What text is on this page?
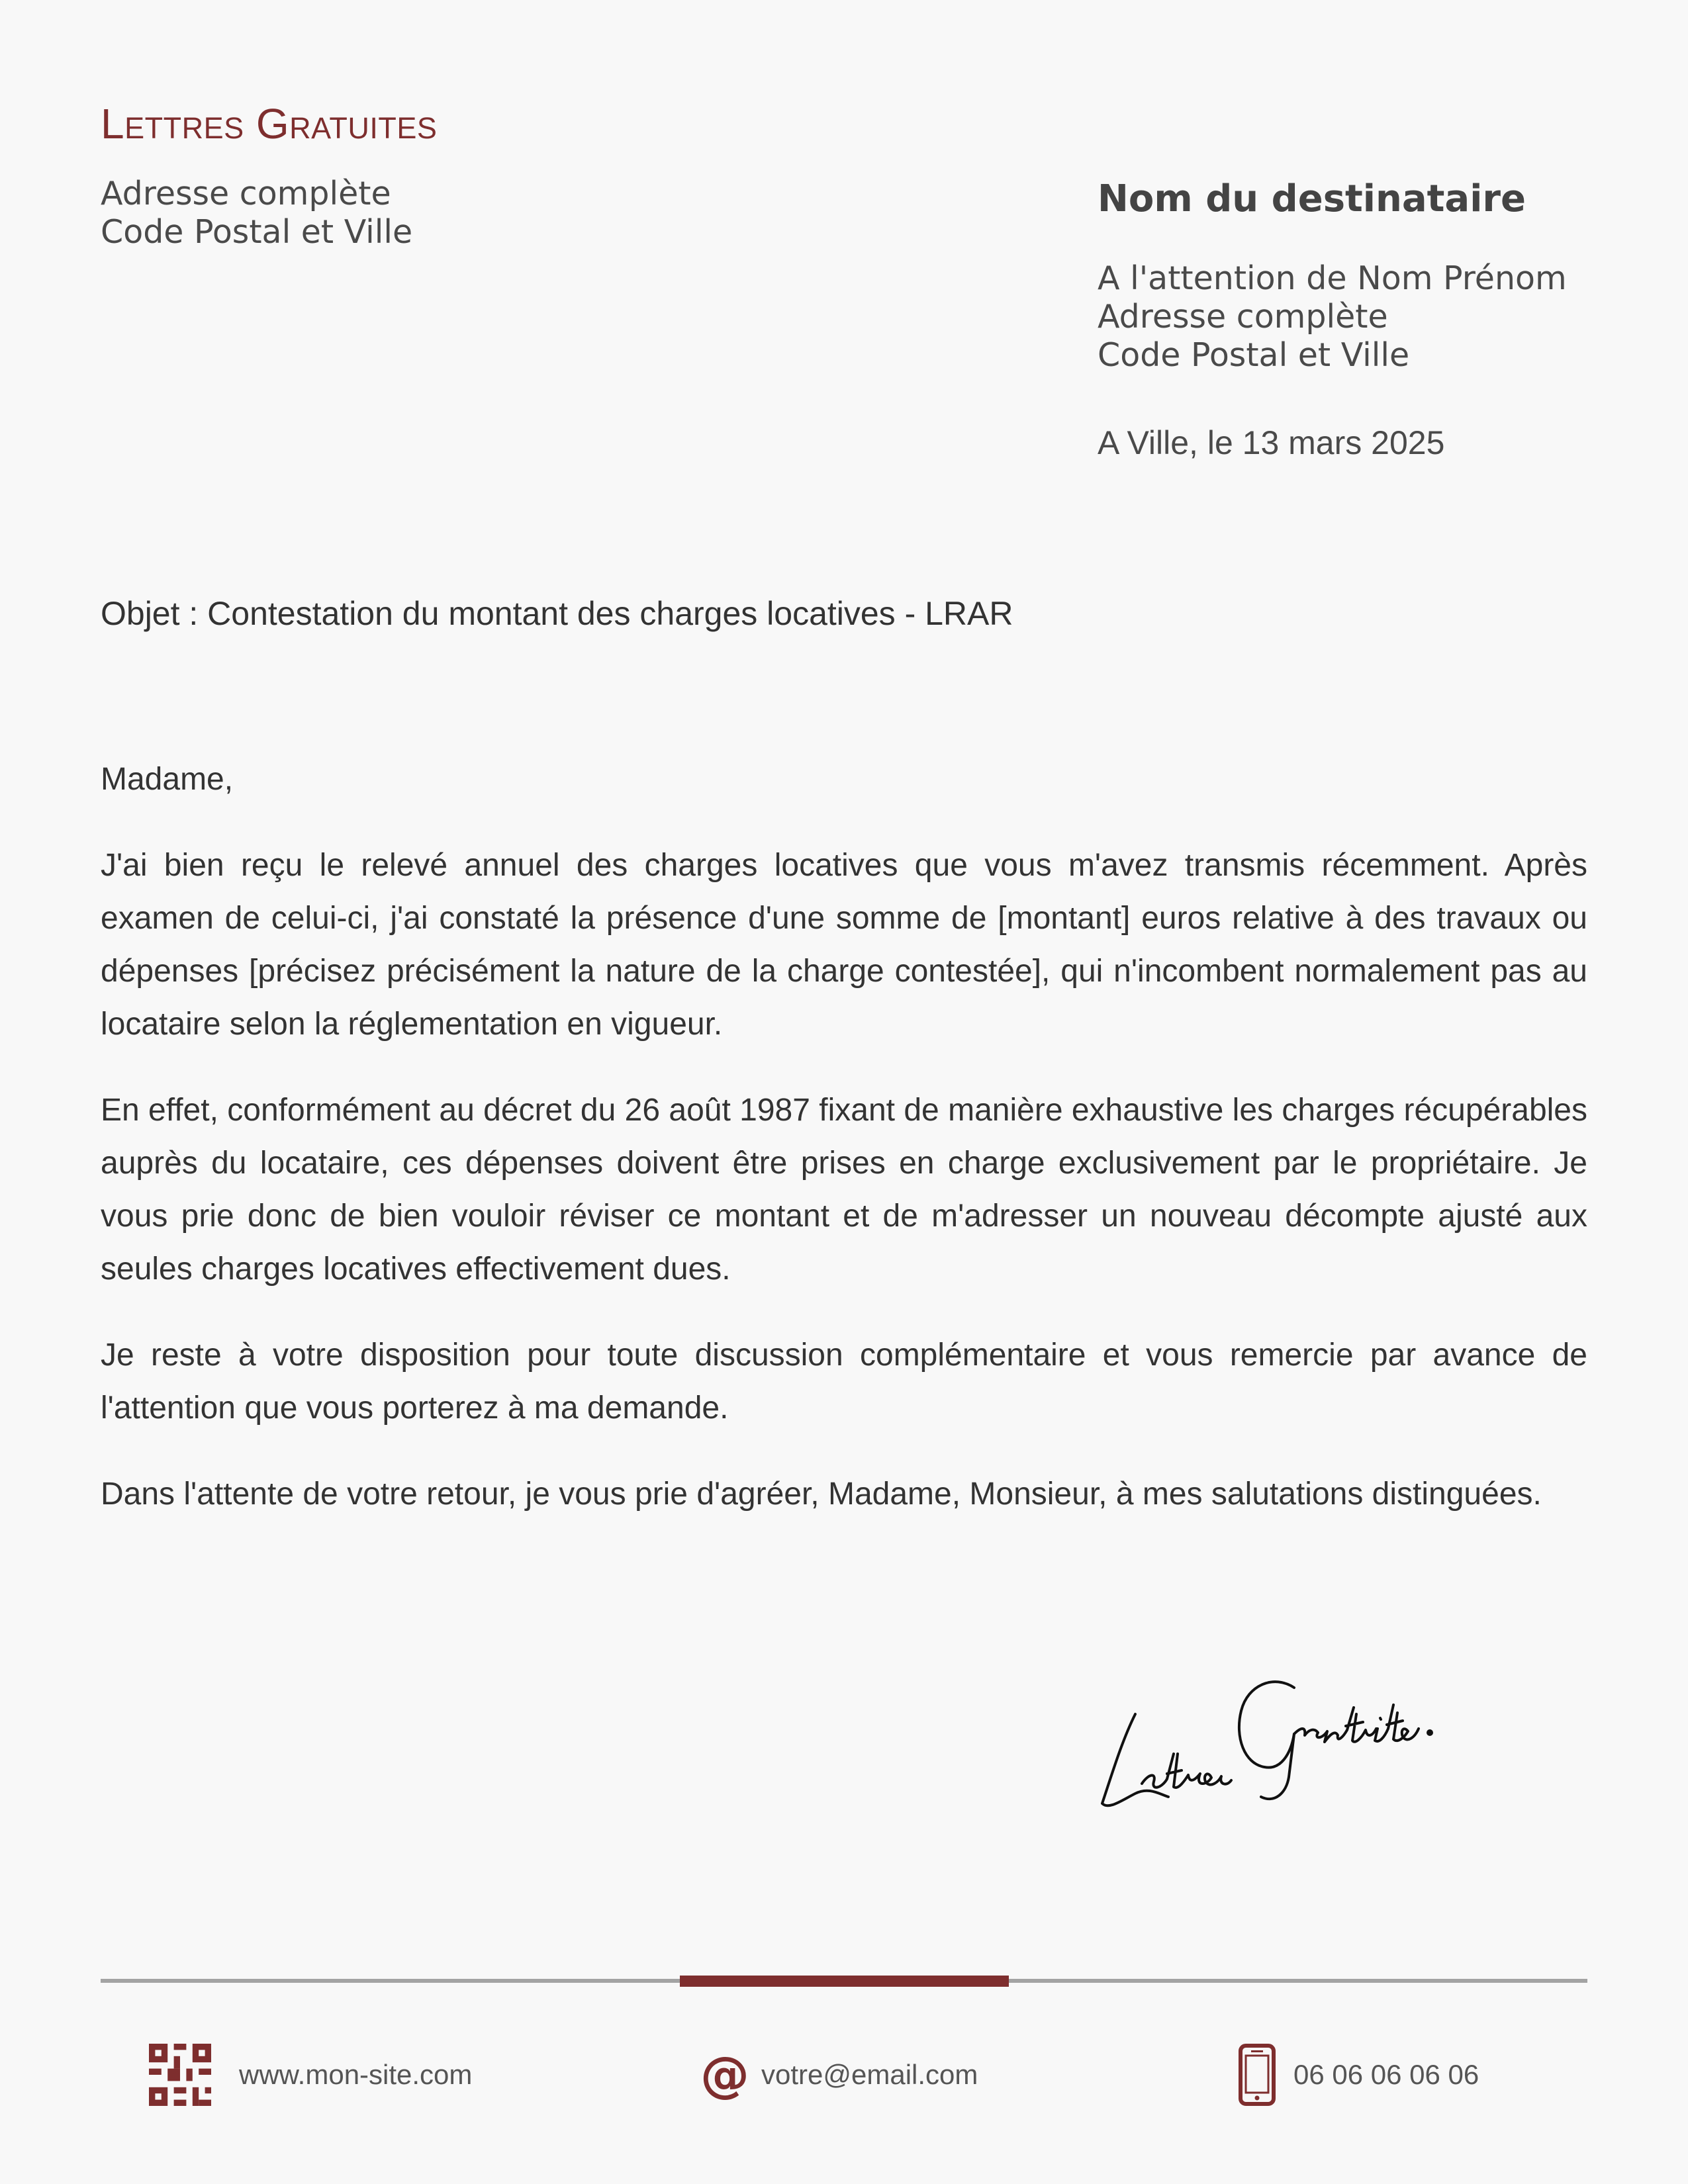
Lettres Gratuites
Adresse complète
Code Postal et Ville
Nom du destinataire
A l'attention de Nom Prénom
Adresse complète
Code Postal et Ville
A Ville, le 13 mars 2025
Objet : Contestation du montant des charges locatives - LRAR

Madame,

J'ai bien reçu le relevé annuel des charges locatives que vous m'avez transmis récemment. Après examen de celui-ci, j'ai constaté la présence d'une somme de [montant] euros relative à des travaux ou dépenses [précisez précisément la nature de la charge contestée], qui n'incombent normalement pas au locataire selon la réglementation en vigueur.

En effet, conformément au décret du 26 août 1987 fixant de manière exhaustive les charges récupérables auprès du locataire, ces dépenses doivent être prises en charge exclusivement par le propriétaire. Je vous prie donc de bien vouloir réviser ce montant et de m'adresser un nouveau décompte ajusté aux seules charges locatives effectivement dues.

Je reste à votre disposition pour toute discussion complémentaire et vous remercie par avance de l'attention que vous porterez à ma demande.

Dans l'attente de votre retour, je vous prie d'agréer, Madame, Monsieur, à mes salutations distinguées.

www.mon-site.com	@ votre@email.com	06 06 06 06 06
